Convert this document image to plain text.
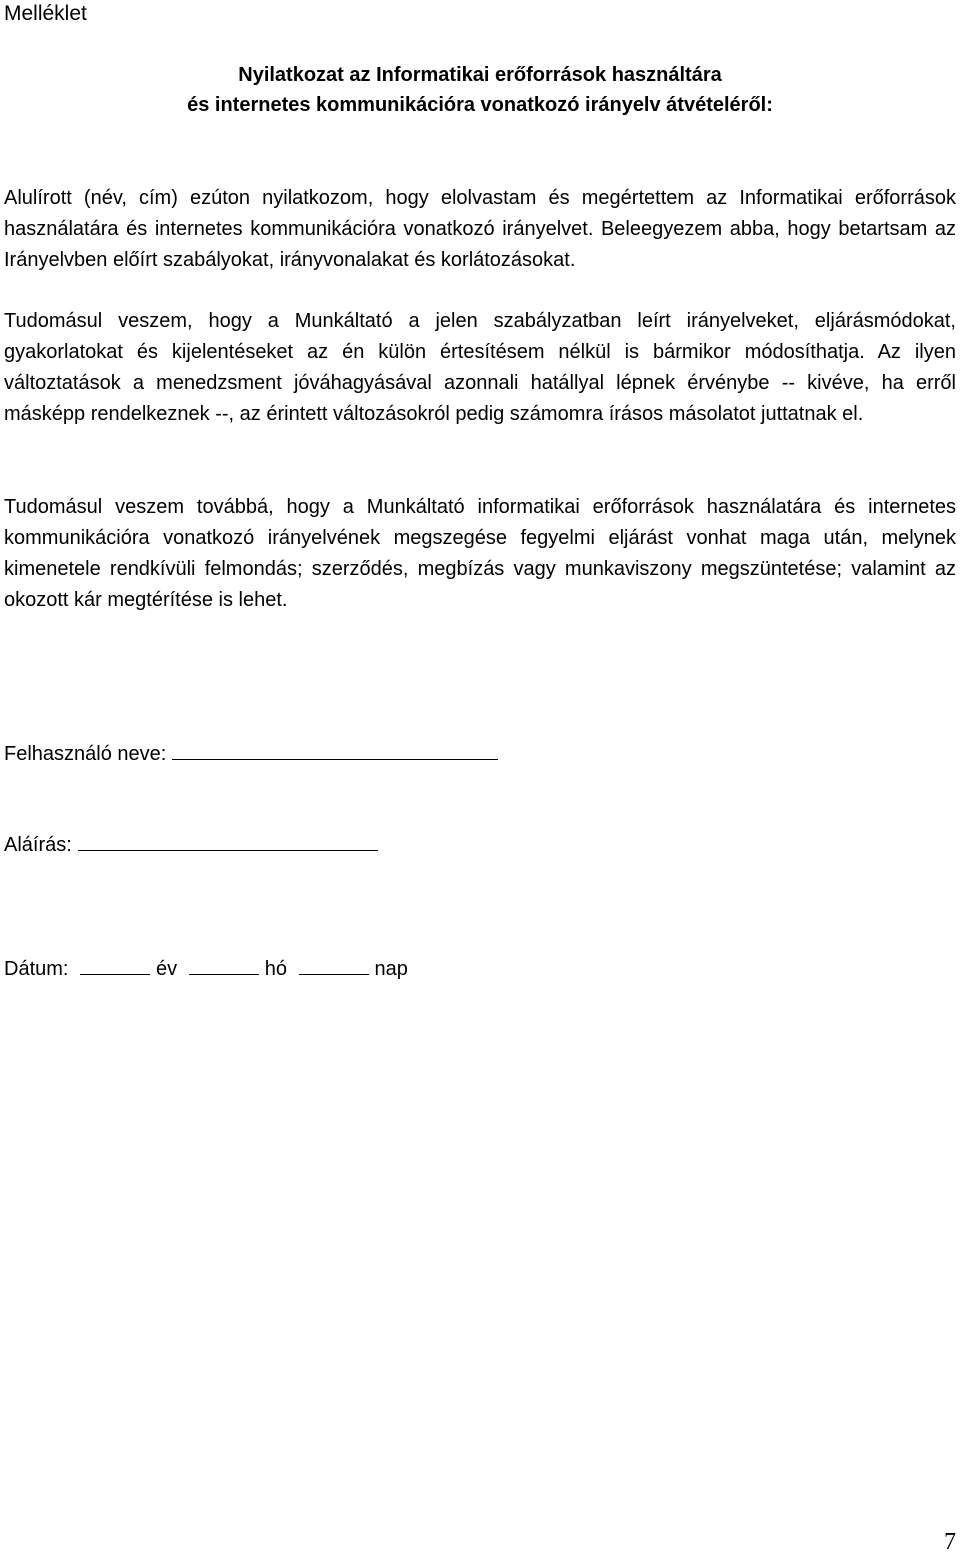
Melléklet
Nyilatkozat az Informatikai erőforrások használtára
és internetes kommunikációra vonatkozó irányelv átvételéről:

Alulírott (név, cím) ezúton nyilatkozom, hogy elolvastam és megértettem az Informatikai erőforrások használatára és internetes kommunikációra vonatkozó irányelvet. Beleegyezem abba, hogy betartsam az Irányelvben előírt szabályokat, irányvonalakat és korlátozásokat.

Tudomásul veszem, hogy a Munkáltató a jelen szabályzatban leírt irányelveket, eljárásmódokat, gyakorlatokat és kijelentéseket az én külön értesítésem nélkül is bármikor módosíthatja. Az ilyen változtatások a menedzsment jóváhagyásával azonnali hatállyal lépnek érvénybe -- kivéve, ha erről másképp rendelkeznek --, az érintett változásokról pedig számomra írásos másolatot juttatnak el.

Tudomásul veszem továbbá, hogy a Munkáltató informatikai erőforrások használatára és internetes kommunikációra vonatkozó irányelvének megszegése fegyelmi eljárást vonhat maga után, melynek kimenetele rendkívüli felmondás; szerződés, megbízás vagy munkaviszony megszüntetése; valamint az okozott kár megtérítése is lehet.

Felhasználó neve:
Aláírás:
Dátum:	év	hó	nap
7
